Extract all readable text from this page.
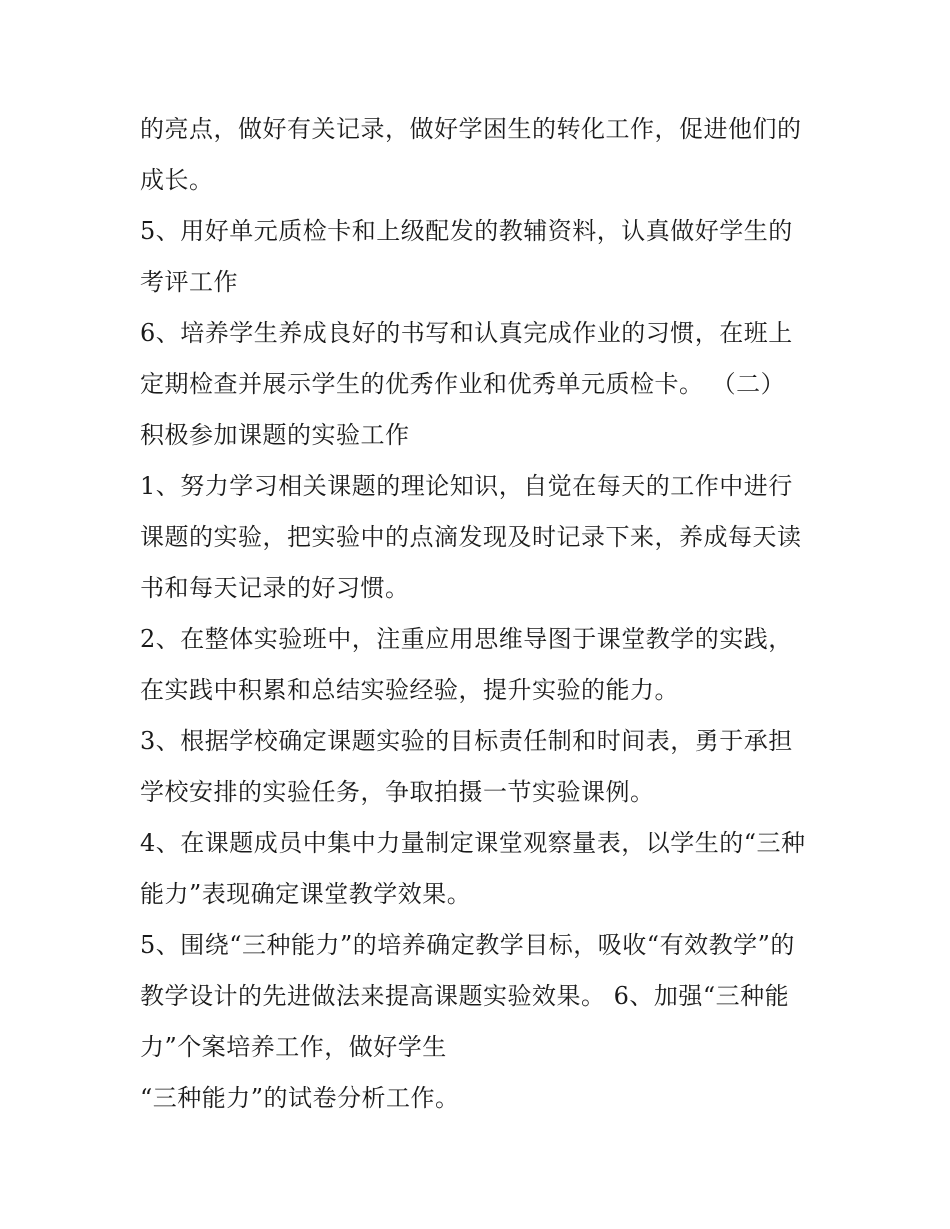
的亮点，做好有关记录，做好学困生的转化工作，促进他们的
成长。
5、用好单元质检卡和上级配发的教辅资料，认真做好学生的
考评工作
6、培养学生养成良好的书写和认真完成作业的习惯，在班上
定期检查并展示学生的优秀作业和优秀单元质检卡。 （二）
积极参加课题的实验工作
1、努力学习相关课题的理论知识，自觉在每天的工作中进行
课题的实验，把实验中的点滴发现及时记录下来，养成每天读
书和每天记录的好习惯。
2、在整体实验班中，注重应用思维导图于课堂教学的实践，
在实践中积累和总结实验经验，提升实验的能力。
3、根据学校确定课题实验的目标责任制和时间表，勇于承担
学校安排的实验任务，争取拍摄一节实验课例。
4、在课题成员中集中力量制定课堂观察量表，以学生的“三种
能力”表现确定课堂教学效果。
5、围绕“三种能力”的培养确定教学目标，吸收“有效教学”的
教学设计的先进做法来提高课题实验效果。 6、加强“三种能
力”个案培养工作，做好学生
“三种能力”的试卷分析工作。
